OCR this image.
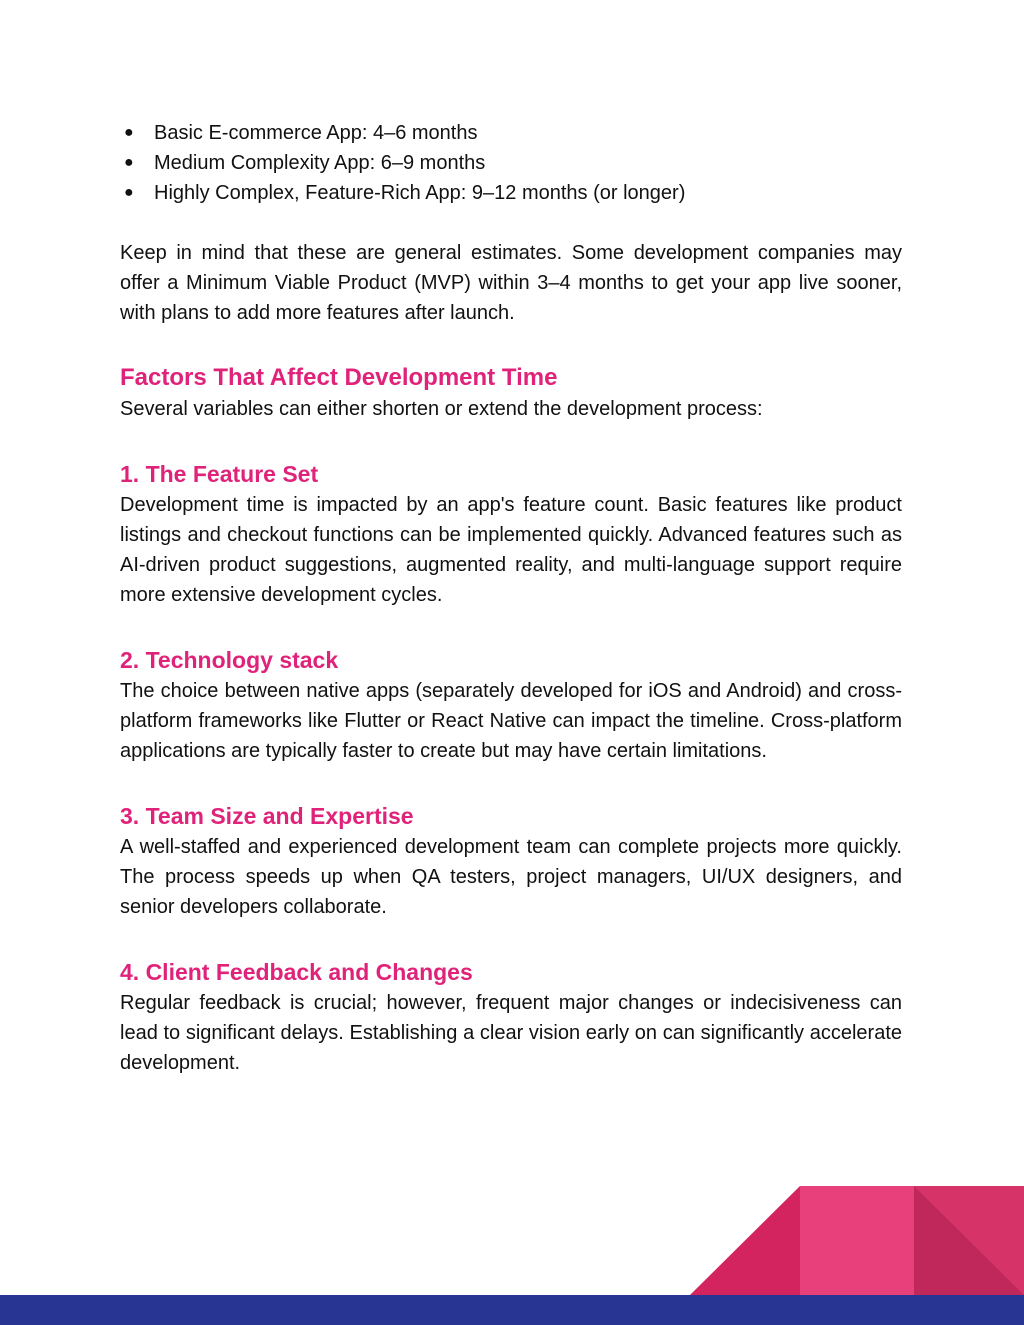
● Basic E-commerce App: 4–6 months
● Medium Complexity App: 6–9 months
● Highly Complex, Feature-Rich App: 9–12 months (or longer)

Keep in mind that these are general estimates. Some development companies may offer a Minimum Viable Product (MVP) within 3–4 months to get your app live sooner, with plans to add more features after launch.

Factors That Affect Development Time

Several variables can either shorten or extend the development process:

1. The Feature Set

Development time is impacted by an app's feature count. Basic features like product listings and checkout functions can be implemented quickly. Advanced features such as AI-driven product suggestions, augmented reality, and multi-language support require more extensive development cycles.

2. Technology stack

The choice between native apps (separately developed for iOS and Android) and cross-platform frameworks like Flutter or React Native can impact the timeline. Cross-platform applications are typically faster to create but may have certain limitations.

3. Team Size and Expertise

A well-staffed and experienced development team can complete projects more quickly. The process speeds up when QA testers, project managers, UI/UX designers, and senior developers collaborate.

4. Client Feedback and Changes

Regular feedback is crucial; however, frequent major changes or indecisiveness can lead to significant delays. Establishing a clear vision early on can significantly accelerate development.
